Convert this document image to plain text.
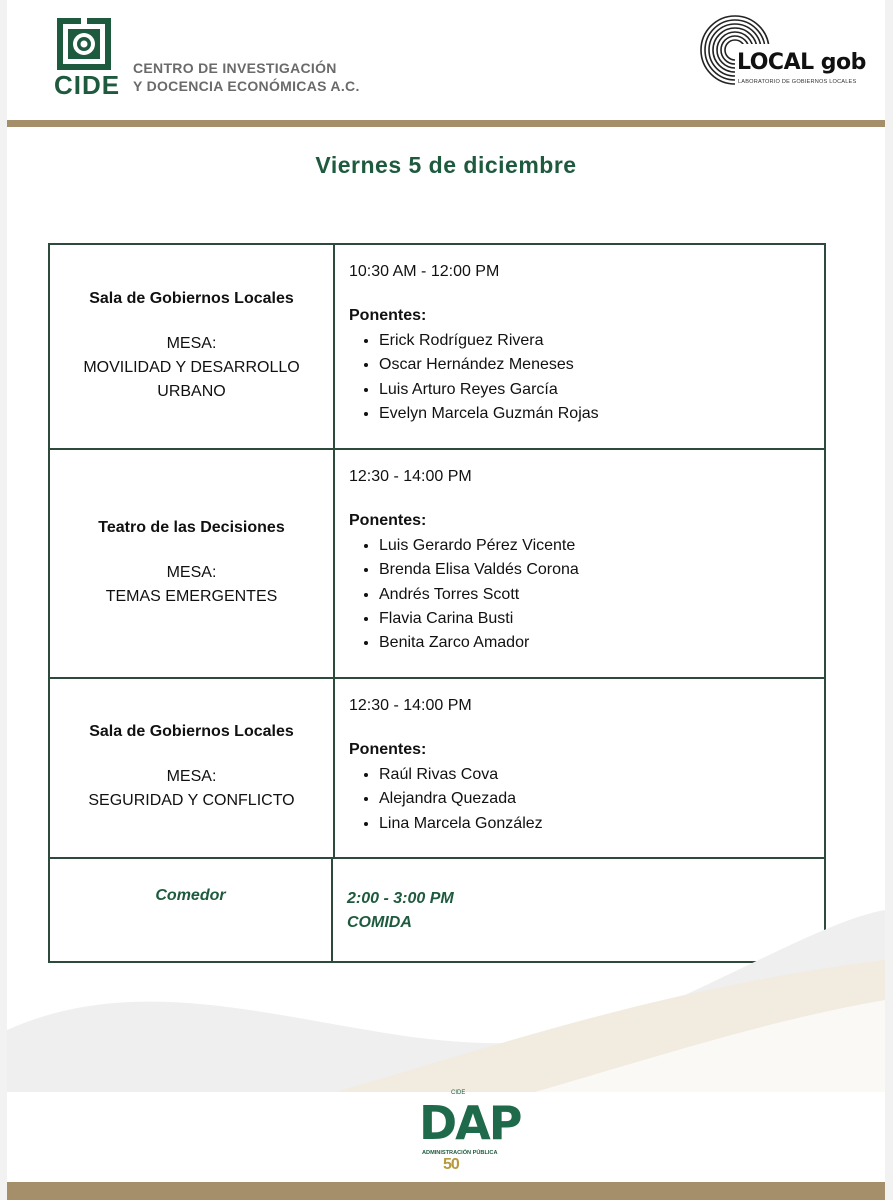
CIDE
CENTRO DE INVESTIGACIÓN
Y DOCENCIA ECONÓMICAS A.C.
LOCAL gob
LABORATORIO DE GOBIERNOS LOCALES
Viernes 5 de diciembre
Sala de Gobiernos Locales
MESA:
MOVILIDAD Y DESARROLLO URBANO
10:30 AM - 12:00 PM
Ponentes:
• Erick Rodríguez Rivera
• Oscar Hernández Meneses
• Luis Arturo Reyes García
• Evelyn Marcela Guzmán Rojas
Teatro de las Decisiones
MESA:
TEMAS EMERGENTES
12:30 - 14:00 PM
Ponentes:
• Luis Gerardo Pérez Vicente
• Brenda Elisa Valdés Corona
• Andrés Torres Scott
• Flavia Carina Busti
• Benita Zarco Amador
Sala de Gobiernos Locales
MESA:
SEGURIDAD Y CONFLICTO
12:30 - 14:00 PM
Ponentes:
• Raúl Rivas Cova
• Alejandra Quezada
• Lina Marcela González
Comedor	2:00 - 3:00 PM
COMIDA
CIDE
DAP
ADMINISTRACIÓN PÚBLICA
50
